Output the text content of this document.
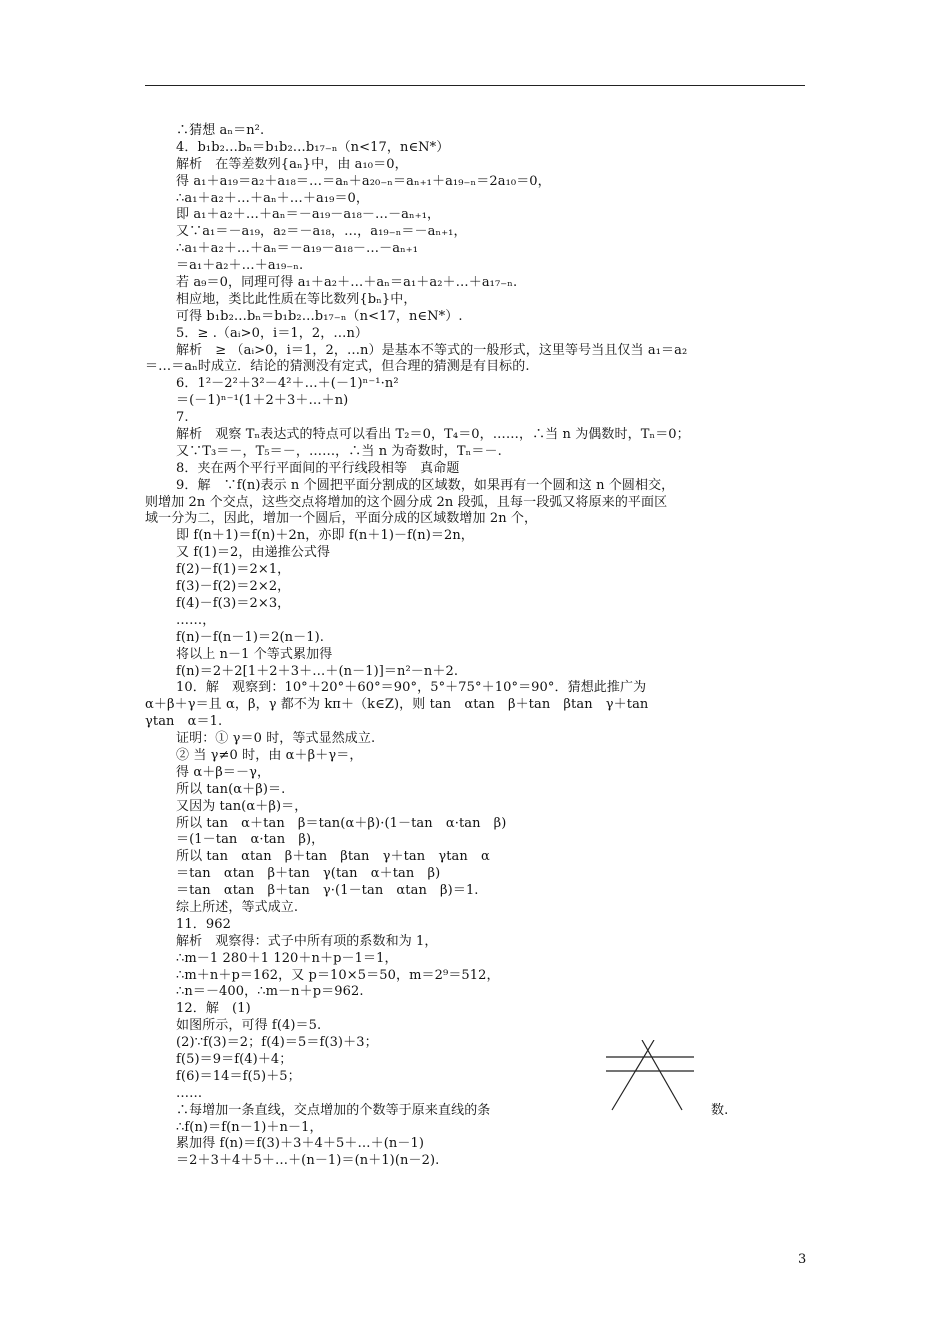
∴猜想 aₙ＝n².
4．b₁b₂…bₙ＝b₁b₂…b₁₇₋ₙ（n<17，n∈N*）
解析　在等差数列{aₙ}中，由 a₁₀＝0，
得 a₁＋a₁₉＝a₂＋a₁₈＝…＝aₙ＋a₂₀₋ₙ＝aₙ₊₁＋a₁₉₋ₙ＝2a₁₀＝0，
∴a₁＋a₂＋…＋aₙ＋…＋a₁₉＝0，
即 a₁＋a₂＋…＋aₙ＝－a₁₉－a₁₈－…－aₙ₊₁，
又∵a₁＝－a₁₉，a₂＝－a₁₈，…，a₁₉₋ₙ＝－aₙ₊₁，
∴a₁＋a₂＋…＋aₙ＝－a₁₉－a₁₈－…－aₙ₊₁
＝a₁＋a₂＋…＋a₁₉₋ₙ.
若 a₉＝0，同理可得 a₁＋a₂＋…＋aₙ＝a₁＋a₂＋…＋a₁₇₋ₙ.
相应地，类比此性质在等比数列{bₙ}中，
可得 b₁b₂…bₙ＝b₁b₂…b₁₇₋ₙ（n<17，n∈N*）.
5．≥ .（aᵢ>0，i＝1，2，…n）
解析　≥ （aᵢ>0，i＝1，2，…n）是基本不等式的一般形式，这里等号当且仅当 a₁＝a₂
＝…＝aₙ时成立．结论的猜测没有定式，但合理的猜测是有目标的.
6．1²－2²＋3²－4²＋…＋(－1)ⁿ⁻¹·n²
＝(－1)ⁿ⁻¹(1＋2＋3＋…＋n)
7.
解析　观察 Tₙ表达式的特点可以看出 T₂＝0，T₄＝0，……，∴当 n 为偶数时，Tₙ＝0；
又∵T₃＝－，T₅＝－，……，∴当 n 为奇数时，Tₙ＝－.
8．夹在两个平行平面间的平行线段相等　真命题
9．解　∵f(n)表示 n 个圆把平面分割成的区域数，如果再有一个圆和这 n 个圆相交，
则增加 2n 个交点，这些交点将增加的这个圆分成 2n 段弧，且每一段弧又将原来的平面区
域一分为二，因此，增加一个圆后，平面分成的区域数增加 2n 个，
即 f(n＋1)＝f(n)＋2n，亦即 f(n＋1)－f(n)＝2n，
又 f(1)＝2，由递推公式得
f(2)－f(1)＝2×1，
f(3)－f(2)＝2×2，
f(4)－f(3)＝2×3，
……，
f(n)－f(n－1)＝2(n－1).
将以上 n－1 个等式累加得
f(n)＝2＋2[1＋2＋3＋…＋(n－1)]＝n²－n＋2.
10．解　观察到：10°＋20°＋60°＝90°，5°＋75°＋10°＝90°．猜想此推广为
α＋β＋γ＝且 α，β，γ 都不为 kπ＋（k∈Z)，则 tan　αtan　β＋tan　βtan　γ＋tan
γtan　α＝1.
证明：① γ＝0 时，等式显然成立.
② 当 γ≠0 时，由 α＋β＋γ＝，
得 α＋β＝－γ，
所以 tan(α＋β)＝.
又因为 tan(α＋β)＝，
所以 tan　α＋tan　β＝tan(α＋β)·(1－tan　α·tan　β)
＝(1－tan　α·tan　β)，
所以 tan　αtan　β＋tan　βtan　γ＋tan　γtan　α
＝tan　αtan　β＋tan　γ(tan　α＋tan　β)
＝tan　αtan　β＋tan　γ·(1－tan　αtan　β)＝1.
综上所述，等式成立.
11．962
解析　观察得：式子中所有项的系数和为 1，
∴m－1 280＋1 120＋n＋p－1＝1，
∴m＋n＋p＝162，又 p＝10×5＝50，m＝2⁹＝512，
∴n＝－400，∴m－n＋p＝962.
12．解　(1)
如图所示，可得 f(4)＝5.
(2)∵f(3)＝2；f(4)＝5＝f(3)＋3；
f(5)＝9＝f(4)＋4；
f(6)＝14＝f(5)＋5；
……
∴每增加一条直线，交点增加的个数等于原来直线的条	数.
∴f(n)＝f(n－1)＋n－1，
累加得 f(n)＝f(3)＋3＋4＋5＋…＋(n－1)
＝2＋3＋4＋5＋…＋(n－1)＝(n＋1)(n－2).
3
